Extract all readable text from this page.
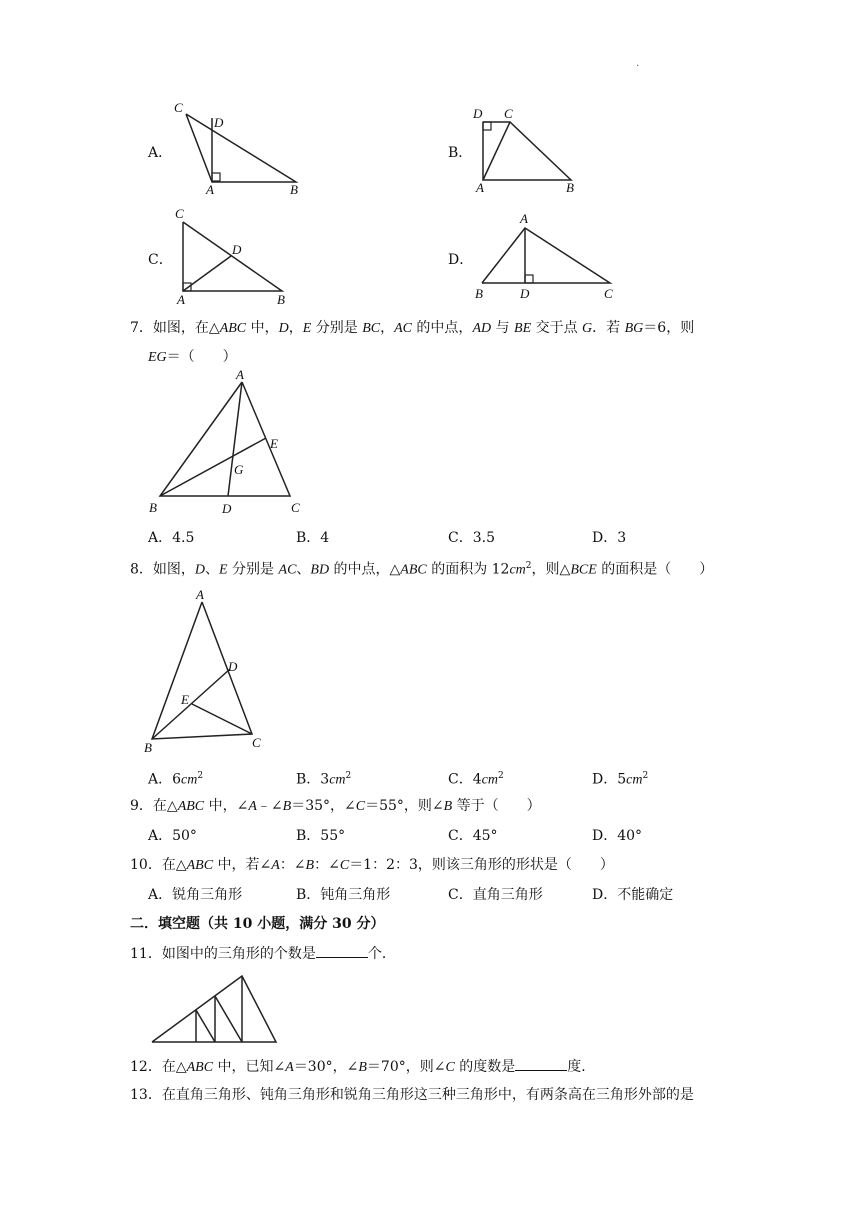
.
A．
C
D
A	B
B．
D C
A	B
C．
C
D
A	B
D．
A
B	D	C
7．如图，在△ABC 中，D，E 分别是 BC，AC 的中点，AD 与 BE 交于点 G．若 BG＝6，则
EG＝（　　）
A
E
G
B	D	C
A．4.5	B．4	C．3.5	D．3
8．如图，D、E 分别是 AC、BD 的中点，△ABC 的面积为 $12cm^2$，则△BCE 的面积是（　　）
A
D
E
B	C
A．$6cm^2$	B．$3cm^2$	C．$4cm^2$	D．$5cm^2$
9．在△ABC 中，∠A﹣∠B＝35°，∠C＝55°，则∠B 等于（　　）
A．50°	B．55°	C．45°	D．40°
10．在△ABC 中，若∠A：∠B：∠C＝1：2：3，则该三角形的形状是（　　）
A．锐角三角形	B．钝角三角形	C．直角三角形	D．不能确定
二．填空题（共 10 小题，满分 30 分）
11．如图中的三角形的个数是	个．
12．在△ABC 中，已知∠A＝30°，∠B＝70°，则∠C 的度数是	度．
13．在直角三角形、钝角三角形和锐角三角形这三种三角形中，有两条高在三角形外部的是
